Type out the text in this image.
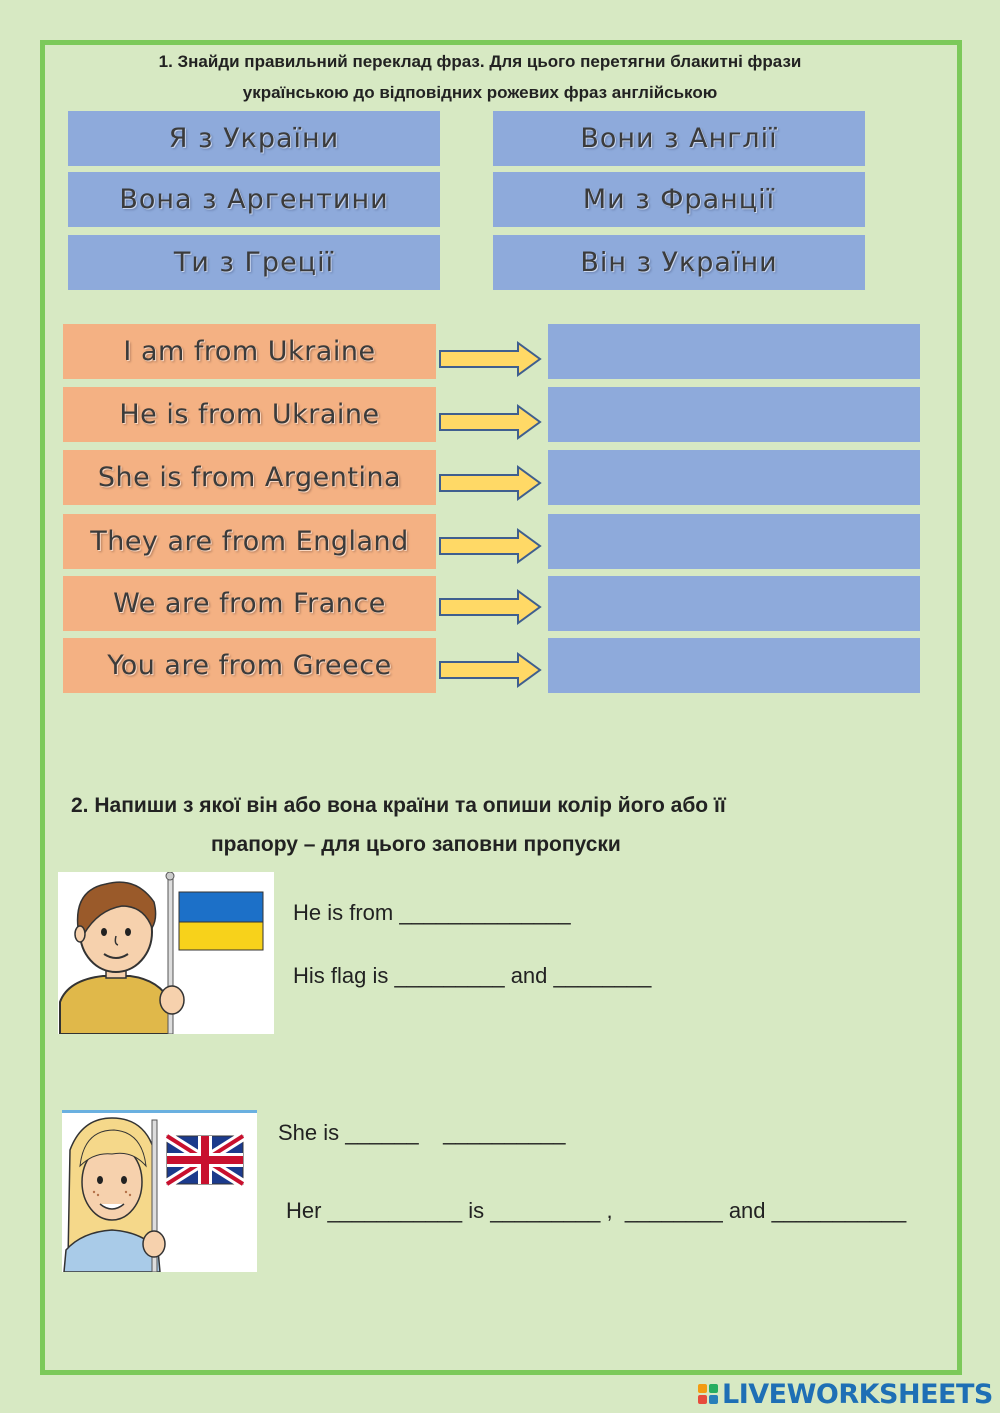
1. Знайди правильний переклад фраз. Для цього перетягни блакитні фрази
українською до відповідних рожевих фраз англійською
Я з України	Вони з Англії
Вона з Аргентини	Ми з Франції
Ти з Греції	Він з України
I am from Ukraine
He is from Ukraine
She is from Argentina
They are from England
We are from France
You are from Greece
2. Напиши з якої він або вона країни та опиши колір його або її
прапору – для цього заповни пропуски
He is from ______________
His flag is _________ and ________
She is ______    __________
Her ___________ is _________ ,  ________ and ___________
LIVEWORKSHEETS
